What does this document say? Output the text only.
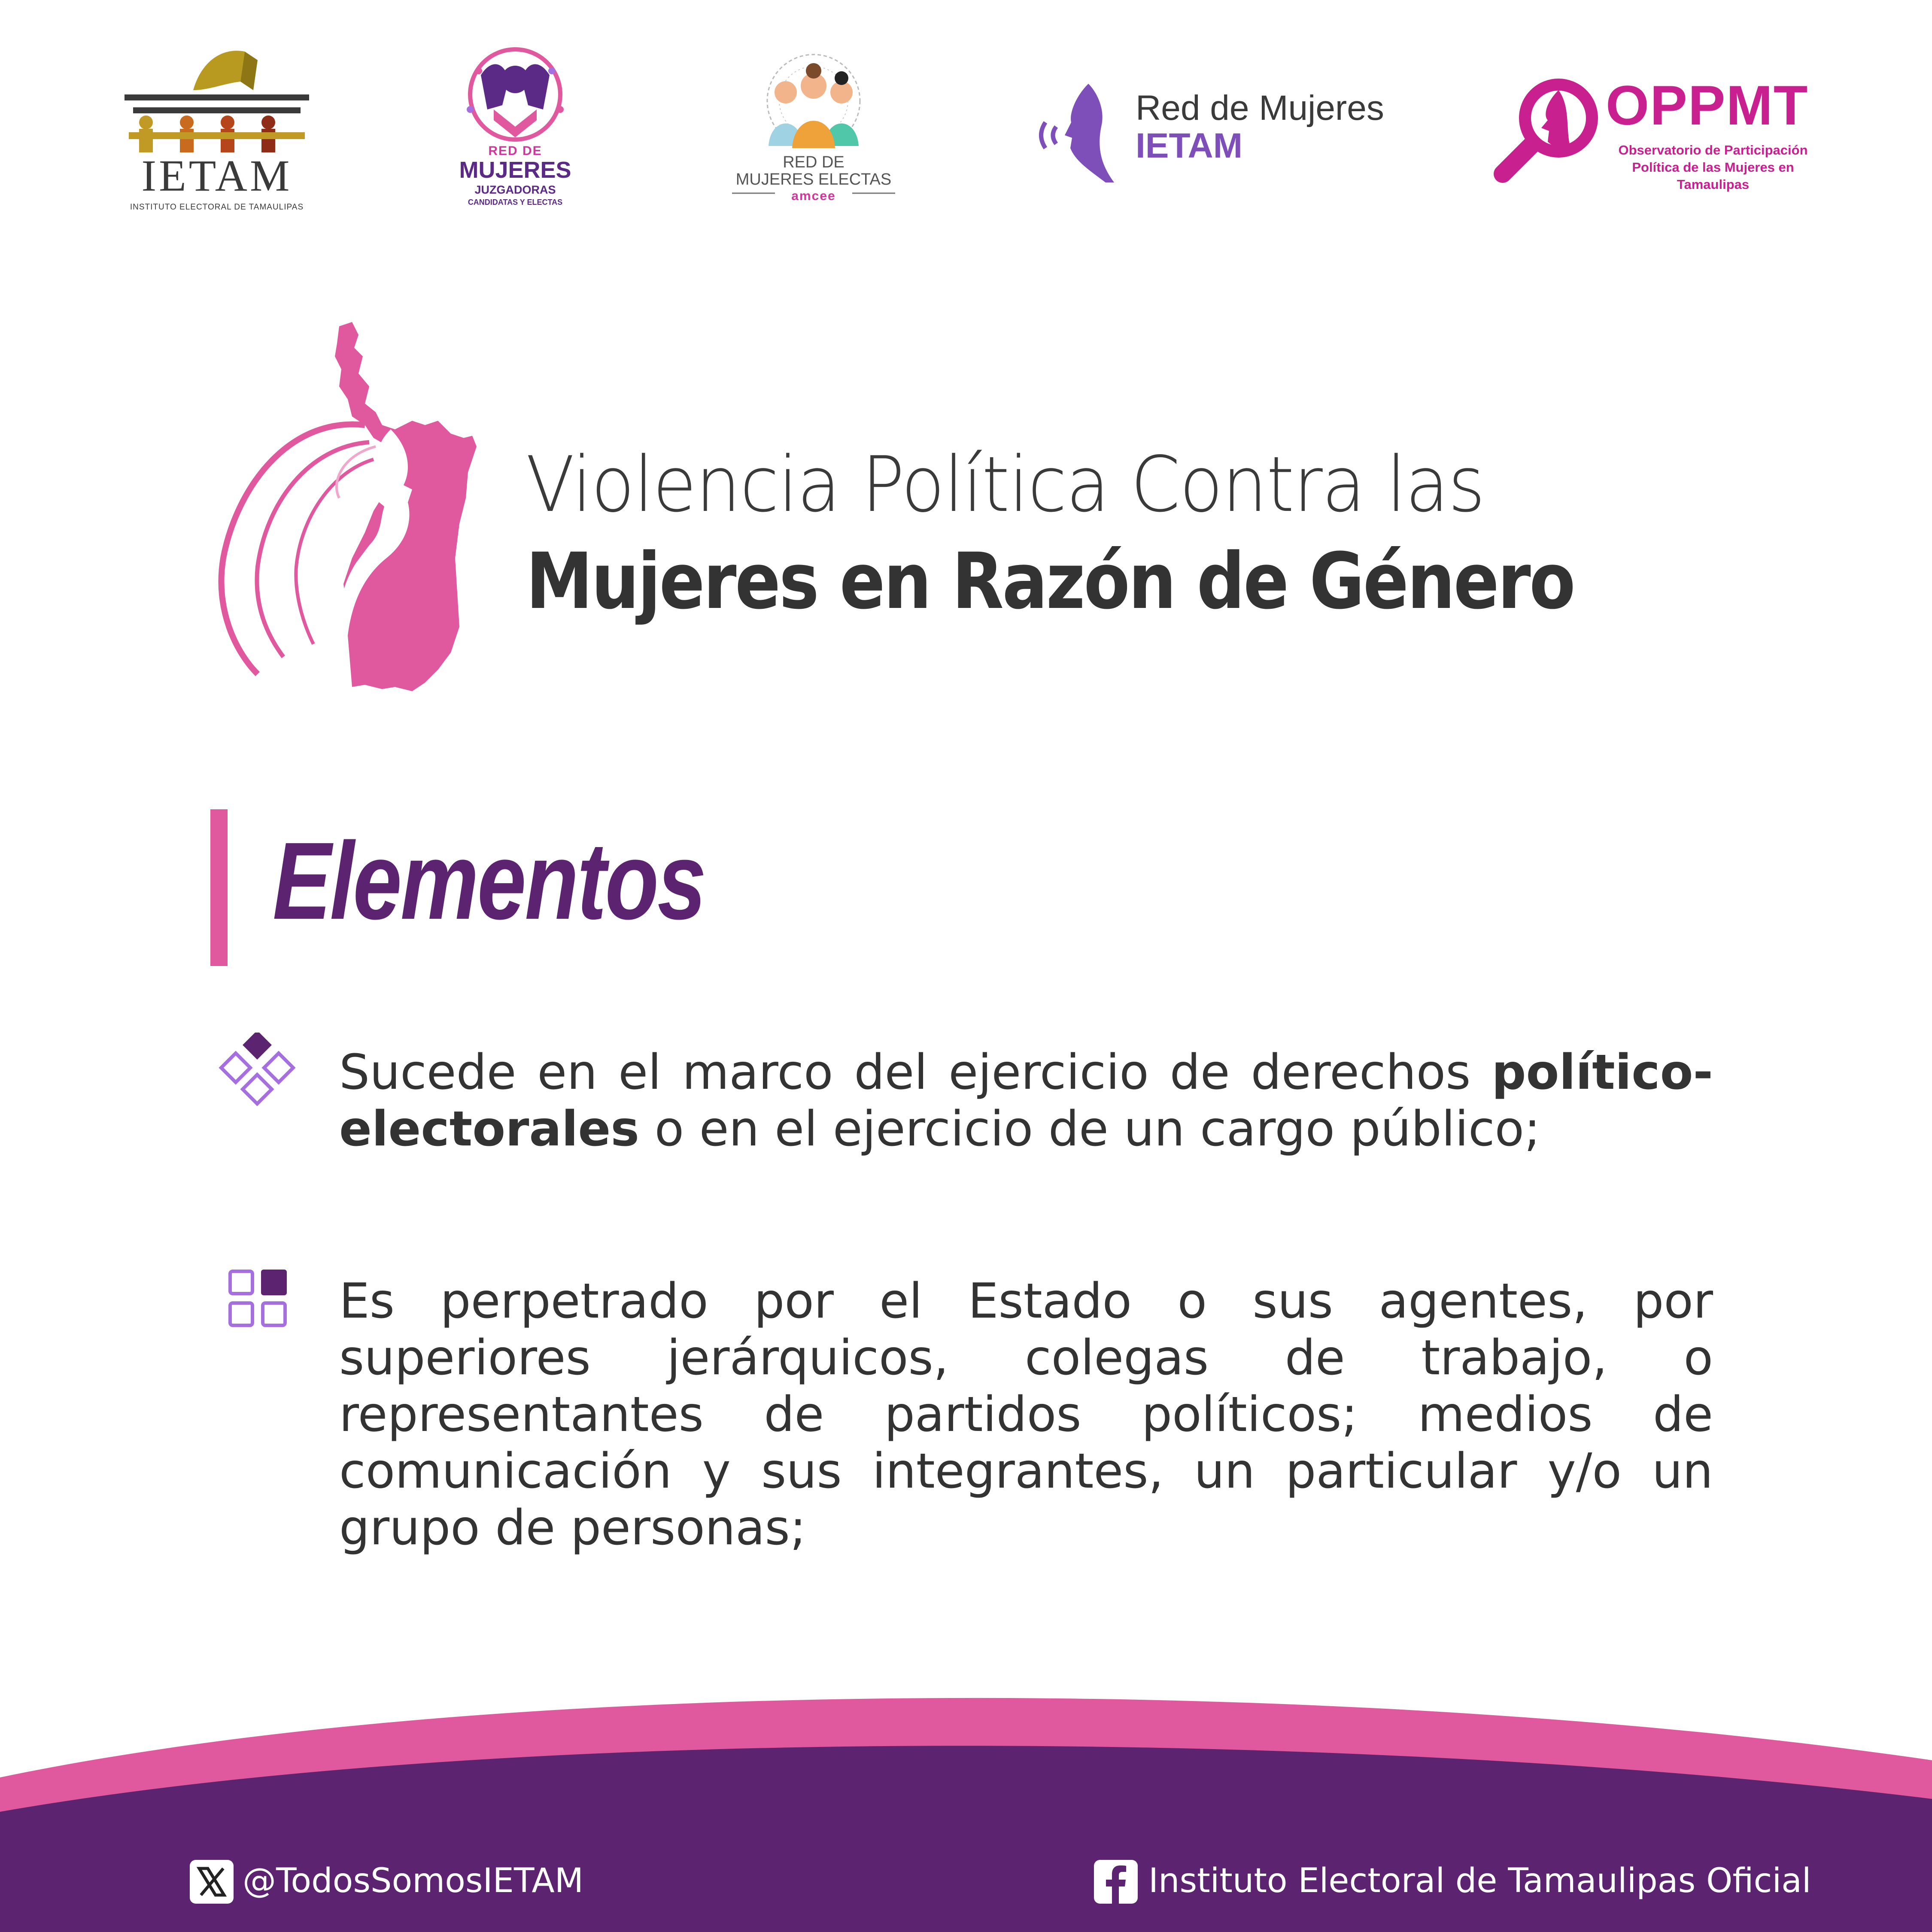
IETAM
INSTITUTO ELECTORAL DE TAMAULIPAS
RED DE
MUJERES
JUZGADORAS
CANDIDATAS Y ELECTAS
RED DE
MUJERES ELECTAS
amcee
Red de Mujeres
IETAM
OPPMT
Observatorio de Participación
Política de las Mujeres en
Tamaulipas
Violencia Política Contra las
Mujeres en Razón de Género
Elementos
Sucede en el marco del ejercicio de derechos político-electorales o en el ejercicio de un cargo público;
Es perpetrado por el Estado o sus agentes, por superiores jerárquicos, colegas de trabajo, o representantes de partidos políticos; medios de comunicación y sus integrantes, un particular y/o un grupo de personas;
@TodosSomosIETAM	Instituto Electoral de Tamaulipas Oficial
